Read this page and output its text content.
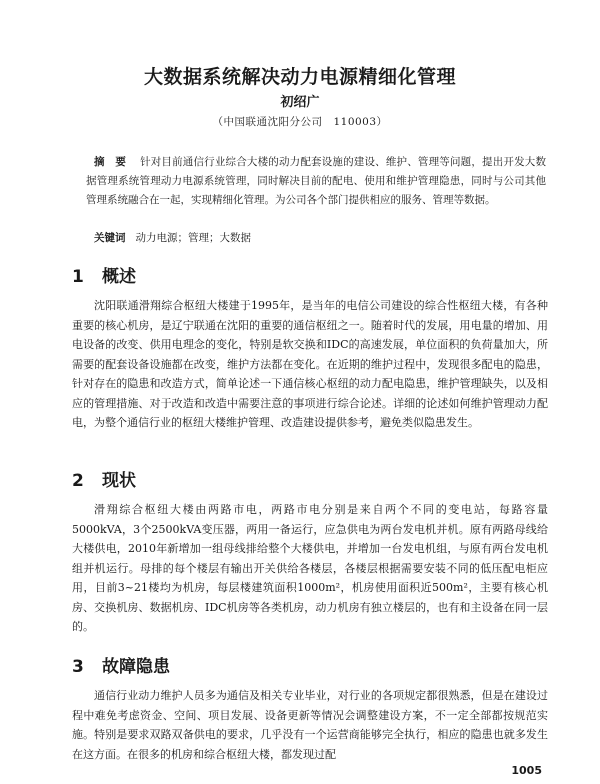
大数据系统解决动力电源精细化管理
初绍广
（中国联通沈阳分公司　110003）
摘　要 针对目前通信行业综合大楼的动力配套设施的建设、维护、管理等问题，提出开发大数据管理系统管理动力电源系统管理，同时解决目前的配电、使用和维护管理隐患，同时与公司其他管理系统融合在一起，实现精细化管理。为公司各个部门提供相应的服务、管理等数据。
关键词 动力电源；管理；大数据
1 概述
沈阳联通滑翔综合枢纽大楼建于1995年，是当年的电信公司建设的综合性枢纽大楼，有各种重要的核心机房，是辽宁联通在沈阳的重要的通信枢纽之一。随着时代的发展，用电量的增加、用电设备的改变、供用电理念的变化，特别是软交换和IDC的高速发展，单位面积的负荷量加大，所需要的配套设备设施都在改变，维护方法都在变化。在近期的维护过程中，发现很多配电的隐患，针对存在的隐患和改造方式，简单论述一下通信核心枢纽的动力配电隐患，维护管理缺失，以及相应的管理措施、对于改造和改造中需要注意的事项进行综合论述。详细的论述如何维护管理动力配电，为整个通信行业的枢纽大楼维护管理、改造建设提供参考，避免类似隐患发生。
2 现状
滑翔综合枢纽大楼由两路市电，两路市电分别是来自两个不同的变电站，每路容量5000kVA，3个2500kVA变压器，两用一备运行，应急供电为两台发电机并机。原有两路母线给大楼供电，2010年新增加一组母线排给整个大楼供电，并增加一台发电机组，与原有两台发电机组并机运行。母排的每个楼层有输出开关供给各楼层，各楼层根据需要安装不同的低压配电柜应用，目前3~21楼均为机房，每层楼建筑面积1000m²，机房使用面积近500m²，主要有核心机房、交换机房、数据机房、IDC机房等各类机房，动力机房有独立楼层的，也有和主设备在同一层的。
3 故障隐患
通信行业动力维护人员多为通信及相关专业毕业，对行业的各项规定都很熟悉，但是在建设过程中难免考虑资金、空间、项目发展、设备更新等情况会调整建设方案，不一定全部都按规范实施。特别是要求双路双备供电的要求，几乎没有一个运营商能够完全执行，相应的隐患也就多发生在这方面。在很多的机房和综合枢纽大楼，都发现过配
1005
